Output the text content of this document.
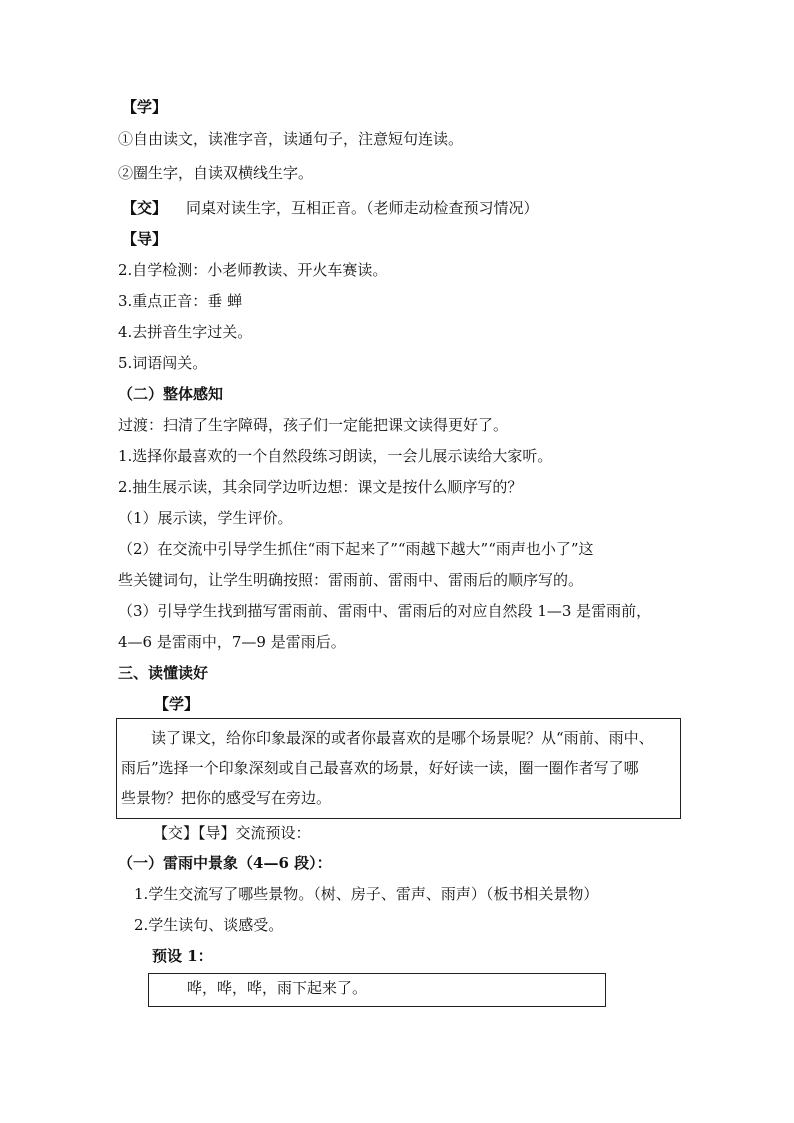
【学】
①自由读文，读准字音，读通句子，注意短句连读。
②圈生字，自读双横线生字。
【交】 同桌对读生字，互相正音。（老师走动检查预习情况）
【导】
2.自学检测：小老师教读、开火车赛读。
3.重点正音：垂 蝉
4.去拼音生字过关。
5.词语闯关。
（二）整体感知
过渡：扫清了生字障碍，孩子们一定能把课文读得更好了。
1.选择你最喜欢的一个自然段练习朗读，一会儿展示读给大家听。
2.抽生展示读，其余同学边听边想：课文是按什么顺序写的？
（1）展示读，学生评价。
（2）在交流中引导学生抓住“雨下起来了”“雨越下越大”“雨声也小了”这
些关键词句，让学生明确按照：雷雨前、雷雨中、雷雨后的顺序写的。
（3）引导学生找到描写雷雨前、雷雨中、雷雨后的对应自然段 1—3 是雷雨前，
4—6 是雷雨中，7—9 是雷雨后。
三、读懂读好
【学】
读了课文，给你印象最深的或者你最喜欢的是哪个场景呢？从“雨前、雨中、
雨后”选择一个印象深刻或自己最喜欢的场景，好好读一读，圈一圈作者写了哪
些景物？把你的感受写在旁边。
【交】【导】交流预设：
（一）雷雨中景象（4—6 段）：
1.学生交流写了哪些景物。（树、房子、雷声、雨声）（板书相关景物）
2.学生读句、谈感受。
预设 1：
哗，哗，哗，雨下起来了。
